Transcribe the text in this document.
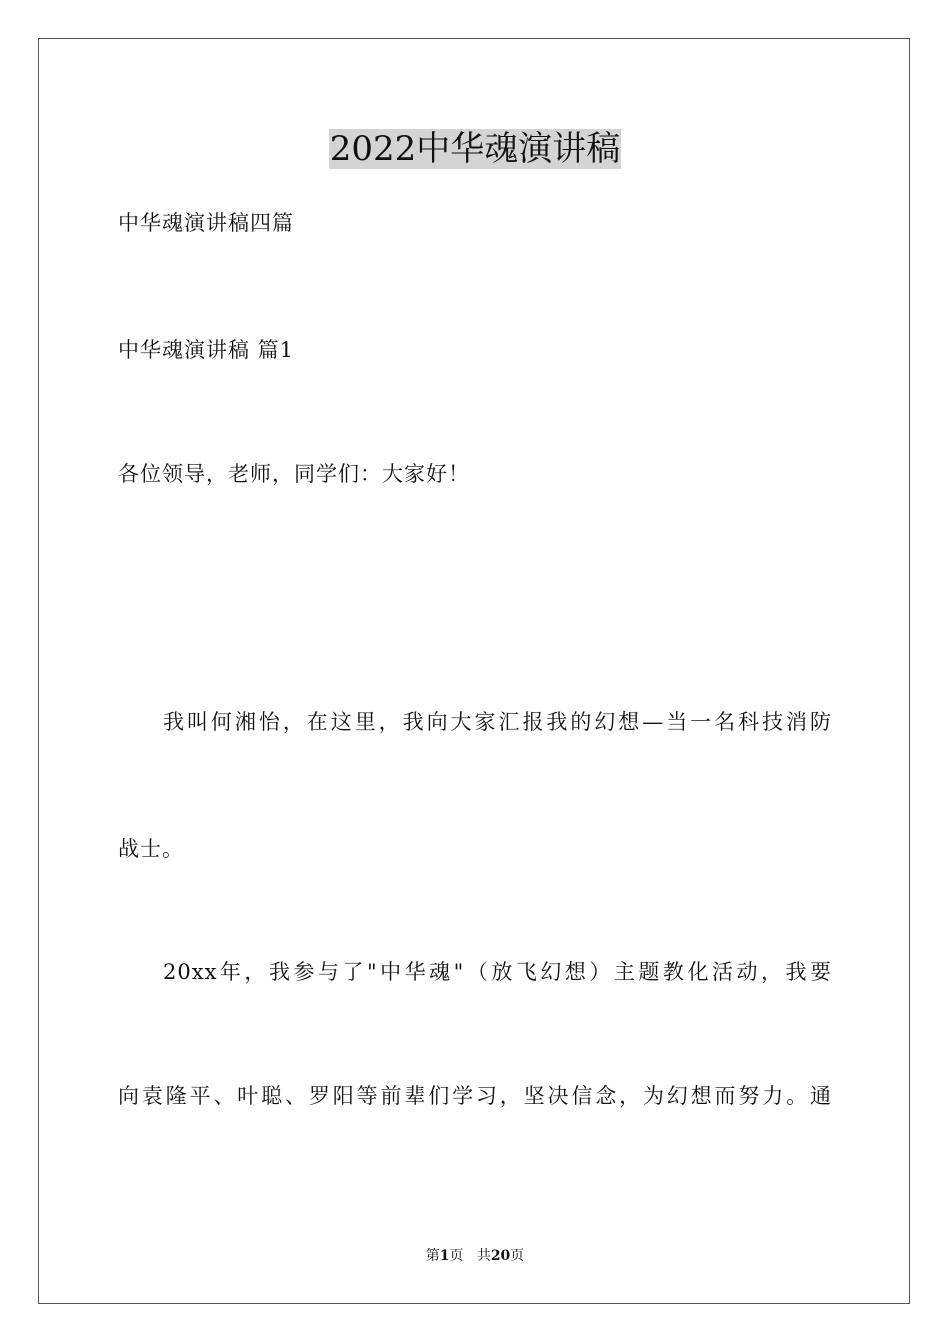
2022中华魂演讲稿
中华魂演讲稿四篇
中华魂演讲稿 篇1
各位领导，老师，同学们：大家好！
我叫何湘怡，在这里，我向大家汇报我的幻想—当一名科技消防
战士。
20xx年，我参与了"中华魂"（放飞幻想）主题教化活动，我要
向袁隆平、叶聪、罗阳等前辈们学习，坚决信念，为幻想而努力。通
第1页 共20页
